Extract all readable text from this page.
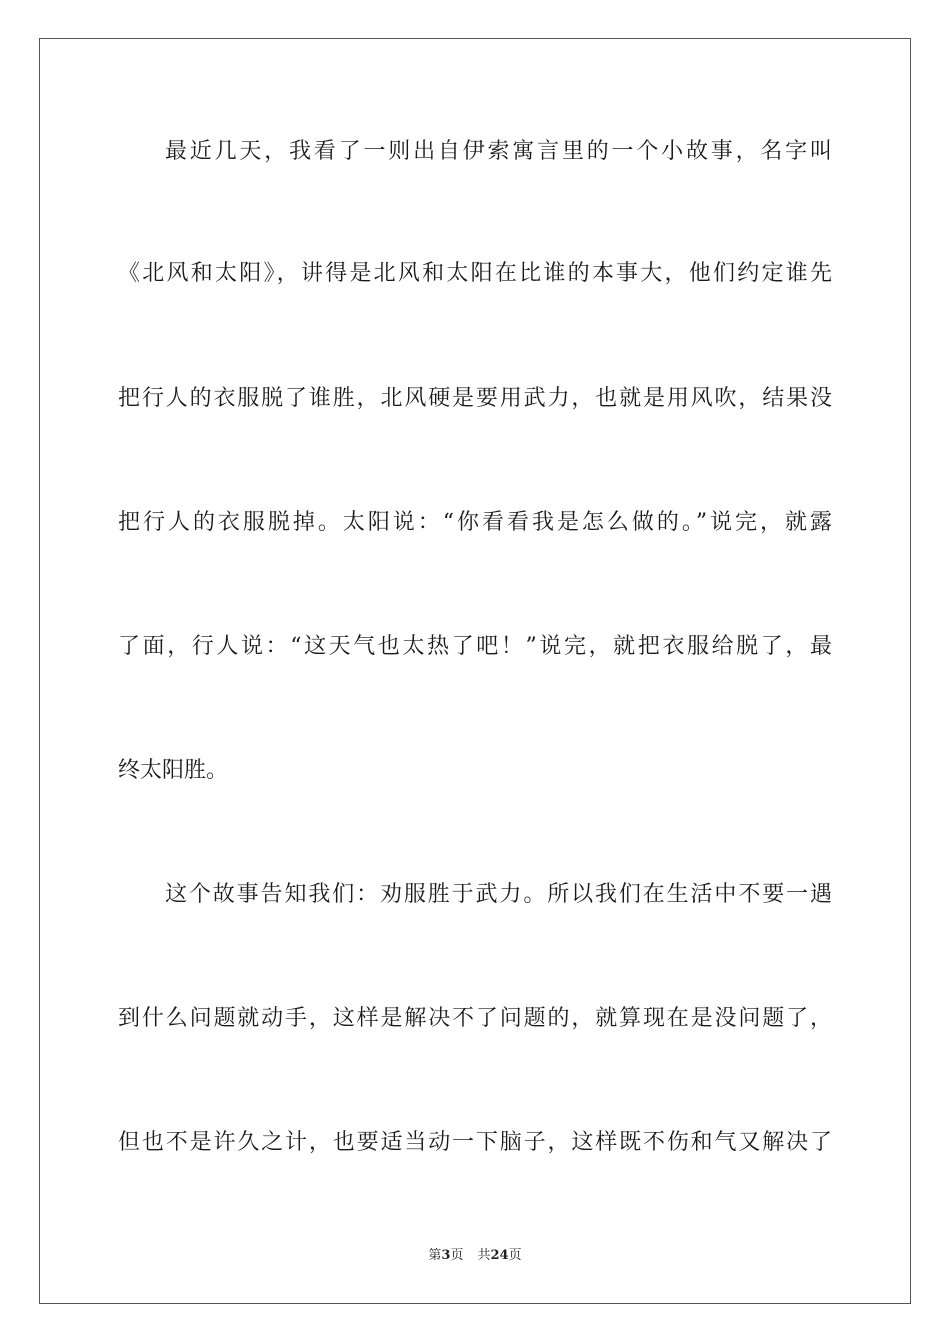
最近几天，我看了一则出自伊索寓言里的一个小故事，名字叫
《北风和太阳》，讲得是北风和太阳在比谁的本事大，他们约定谁先
把行人的衣服脱了谁胜，北风硬是要用武力，也就是用风吹，结果没
把行人的衣服脱掉。太阳说：“你看看我是怎么做的。”说完，就露
了面，行人说：“这天气也太热了吧！”说完，就把衣服给脱了，最
终太阳胜。
这个故事告知我们：劝服胜于武力。所以我们在生活中不要一遇
到什么问题就动手，这样是解决不了问题的，就算现在是没问题了，
但也不是许久之计，也要适当动一下脑子，这样既不伤和气又解决了
第3页 共24页
